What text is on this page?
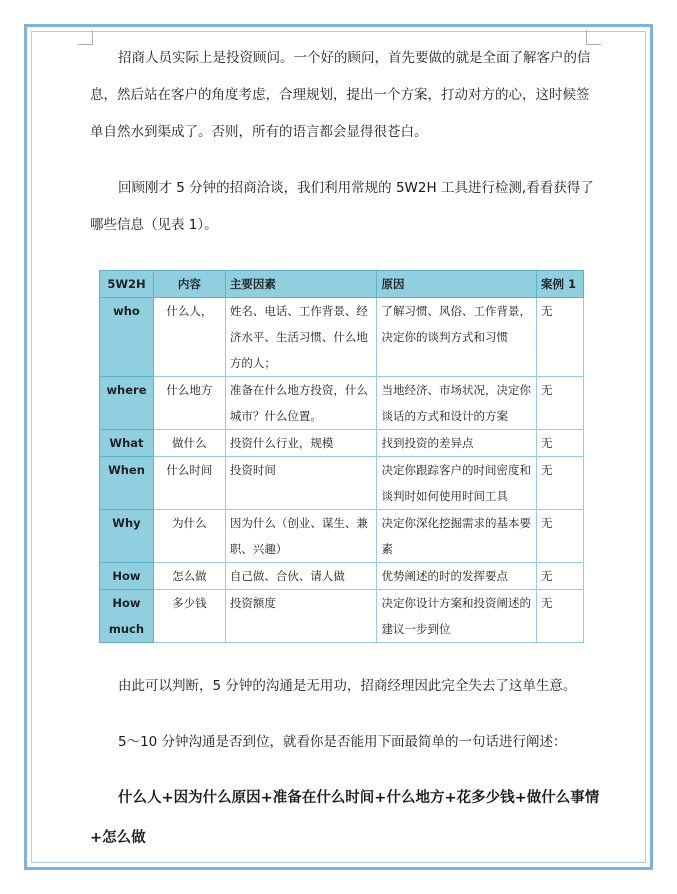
招商人员实际上是投资顾问。一个好的顾问，首先要做的就是全面了解客户的信息，然后站在客户的角度考虑，合理规划，提出一个方案，打动对方的心，这时候签单自然水到渠成了。否则，所有的语言都会显得很苍白。
回顾刚才 5 分钟的招商洽谈，我们利用常规的 5W2H 工具进行检测,看看获得了哪些信息（见表 1）。
5W2H	内容	主要因素	原因	案例 1
who	什么人，	姓名、电话、工作背景、经济水平、生活习惯、什么地方的人；	了解习惯、风俗、工作背景，决定你的谈判方式和习惯	无
where	什么地方	准备在什么地方投资，什么城市？什么位置。	当地经济、市场状况，决定你谈话的方式和设计的方案	无
What	做什么	投资什么行业，规模	找到投资的差异点	无
When	什么时间	投资时间	决定你跟踪客户的时间密度和谈判时如何使用时间工具	无
Why	为什么	因为什么（创业、谋生、兼职、兴趣）	决定你深化挖掘需求的基本要素	无
How	怎么做	自己做、合伙、请人做	优势阐述的时的发挥要点	无
How much	多少钱	投资额度	决定你设计方案和投资阐述的建议一步到位	无
由此可以判断，5 分钟的沟通是无用功，招商经理因此完全失去了这单生意。
5～10 分钟沟通是否到位，就看你是否能用下面最简单的一句话进行阐述：
什么人+因为什么原因+准备在什么时间+什么地方+花多少钱+做什么事情+怎么做
